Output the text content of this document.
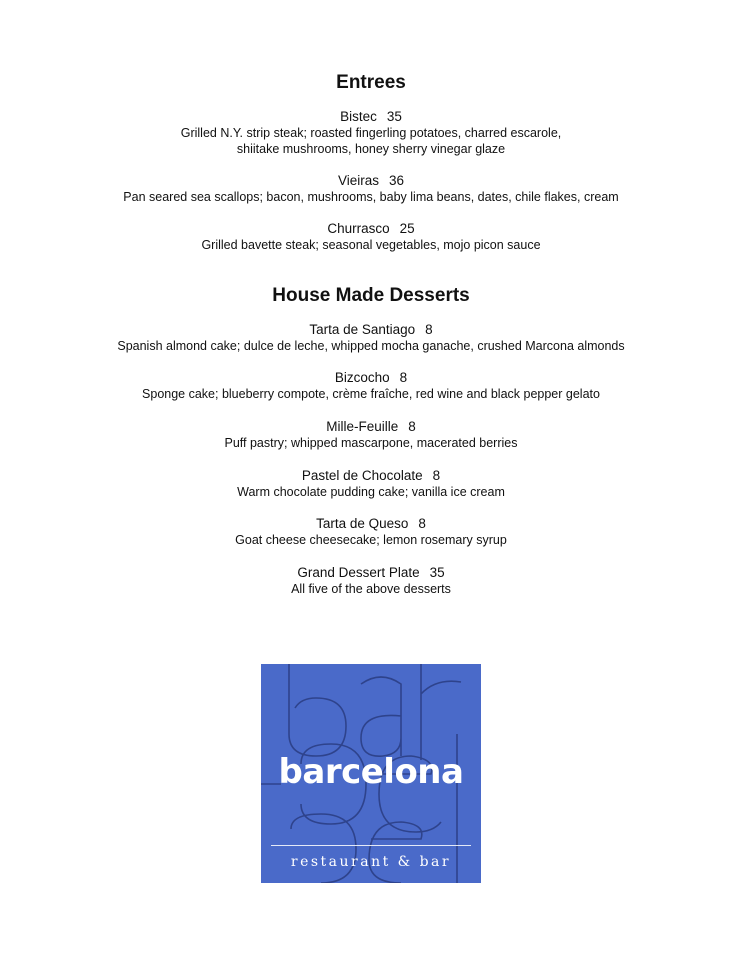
Entrees
Bistec 35
Grilled N.Y. strip steak; roasted fingerling potatoes, charred escarole,
shiitake mushrooms, honey sherry vinegar glaze
Vieiras 36
Pan seared sea scallops; bacon, mushrooms, baby lima beans, dates, chile flakes, cream
Churrasco 25
Grilled bavette steak; seasonal vegetables, mojo picon sauce
House Made Desserts
Tarta de Santiago 8
Spanish almond cake; dulce de leche, whipped mocha ganache, crushed Marcona almonds
Bizcocho 8
Sponge cake; blueberry compote, crème fraîche, red wine and black pepper gelato
Mille-Feuille 8
Puff pastry; whipped mascarpone, macerated berries
Pastel de Chocolate 8
Warm chocolate pudding cake; vanilla ice cream
Tarta de Queso 8
Goat cheese cheesecake; lemon rosemary syrup
Grand Dessert Plate 35
All five of the above desserts
barcelona
restaurant & bar
